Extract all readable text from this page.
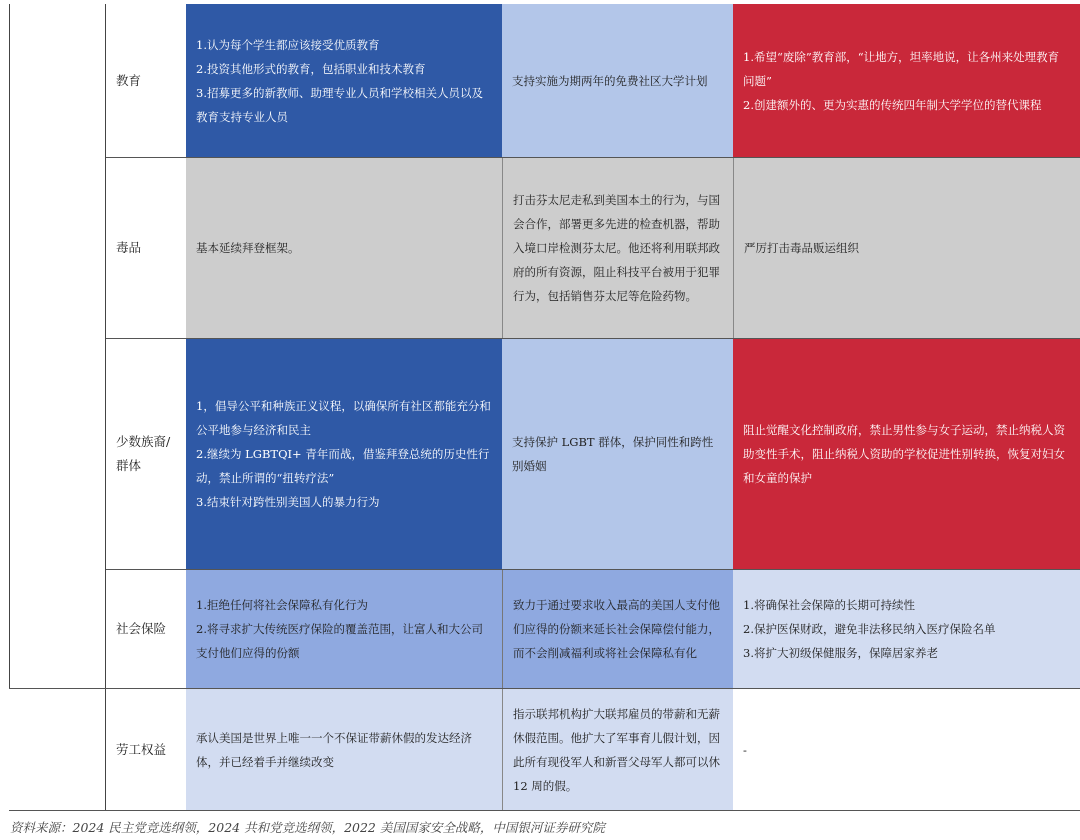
教育
1.认为每个学生都应该接受优质教育
2.投资其他形式的教育，包括职业和技术教育
3.招募更多的新教师、助理专业人员和学校相关人员以及教育支持专业人员
支持实施为期两年的免费社区大学计划
1.希望“废除”教育部，“让地方，坦率地说，让各州来处理教育问题”
2.创建额外的、更为实惠的传统四年制大学学位的替代课程
毒品	基本延续拜登框架。
打击芬太尼走私到美国本土的行为，与国会合作，部署更多先进的检查机器，帮助入境口岸检测芬太尼。他还将利用联邦政府的所有资源，阻止科技平台被用于犯罪行为，包括销售芬太尼等危险药物。
严厉打击毒品贩运组织
少数族裔/群体
1，倡导公平和种族正义议程，以确保所有社区都能充分和公平地参与经济和民主
2.继续为 LGBTQI+ 青年而战，借鉴拜登总统的历史性行动，禁止所谓的“扭转疗法”
3.结束针对跨性别美国人的暴力行为
支持保护 LGBT 群体，保护同性和跨性别婚姻
阻止觉醒文化控制政府，禁止男性参与女子运动，禁止纳税人资助变性手术，阻止纳税人资助的学校促进性别转换，恢复对妇女和女童的保护
社会保险
1.拒绝任何将社会保障私有化行为
2.将寻求扩大传统医疗保险的覆盖范围，让富人和大公司支付他们应得的份额
致力于通过要求收入最高的美国人支付他们应得的份额来延长社会保障偿付能力，而不会削减福利或将社会保障私有化
1.将确保社会保障的长期可持续性
2.保护医保财政，避免非法移民纳入医疗保险名单
3.将扩大初级保健服务，保障居家养老
劳工权益
承认美国是世界上唯一一个不保证带薪休假的发达经济体，并已经着手并继续改变
指示联邦机构扩大联邦雇员的带薪和无薪休假范围。他扩大了军事育儿假计划，因此所有现役军人和新晋父母军人都可以休 12 周的假。
-
资料来源：2024 民主党竞选纲领，2024 共和党竞选纲领，2022 美国国家安全战略，中国银河证券研究院
